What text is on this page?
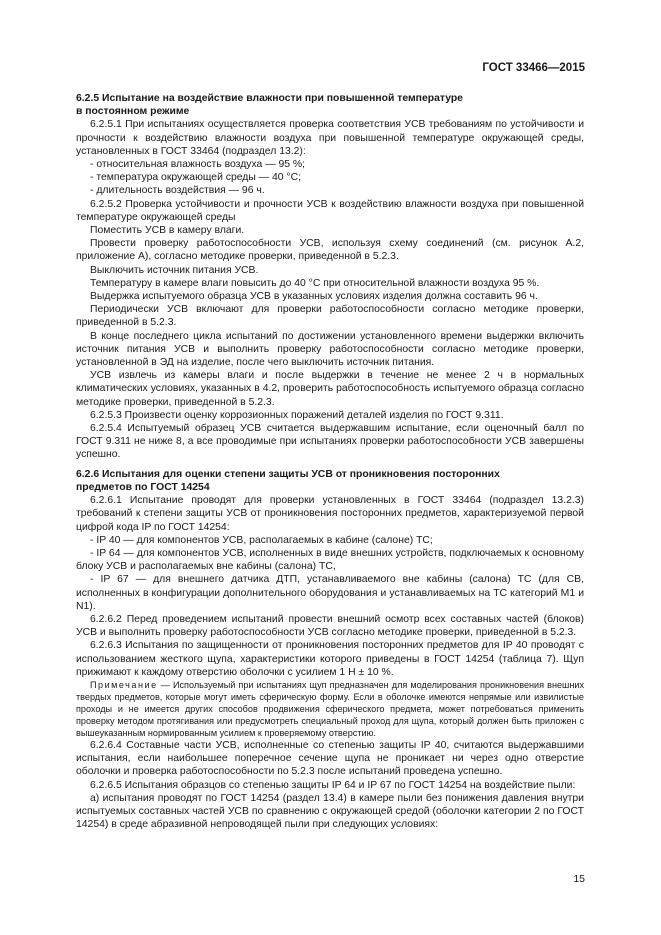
ГОСТ 33466—2015
6.2.5 Испытание на воздействие влажности при повышенной температуре
в постоянном режиме

6.2.5.1 При испытаниях осуществляется проверка соответствия УСВ требованиям по устойчивости и прочности к воздействию влажности воздуха при повышенной температуре окружающей среды, установленных в ГОСТ 33464 (подраздел 13.2):

- относительная влажность воздуха — 95 %;

- температура окружающей среды — 40 °С;

- длительность воздействия — 96 ч.

6.2.5.2 Проверка устойчивости и прочности УСВ к воздействию влажности воздуха при повышенной температуре окружающей среды

Поместить УСВ в камеру влаги.

Провести проверку работоспособности УСВ, используя схему соединений (см. рисунок А.2, приложение А), согласно методике проверки, приведенной в 5.2.3.

Выключить источник питания УСВ.

Температуру в камере влаги повысить до 40 °С при относительной влажности воздуха 95 %.

Выдержка испытуемого образца УСВ в указанных условиях изделия должна составить 96 ч.

Периодически УСВ включают для проверки работоспособности согласно методике проверки, приведенной в 5.2.3.

В конце последнего цикла испытаний по достижении установленного времени выдержки включить источник питания УСВ и выполнить проверку работоспособности согласно методике проверки, установленной в ЭД на изделие, после чего выключить источник питания.

УСВ извлечь из камеры влаги и после выдержки в течение не менее 2 ч в нормальных климатических условиях, указанных в 4.2, проверить работоспособность испытуемого образца согласно методике проверки, приведенной в 5.2.3.

6.2.5.3 Произвести оценку коррозионных поражений деталей изделия по ГОСТ 9.311.

6.2.5.4 Испытуемый образец УСВ считается выдержавшим испытание, если оценочный балл по ГОСТ 9.311 не ниже 8, а все проводимые при испытаниях проверки работоспособности УСВ завершены успешно.

6.2.6 Испытания для оценки степени защиты УСВ от проникновения посторонних
предметов по ГОСТ 14254

6.2.6.1 Испытание проводят для проверки установленных в ГОСТ 33464 (подраздел 13.2.3) требований к степени защиты УСВ от проникновения посторонних предметов, характеризуемой первой цифрой кода IP по ГОСТ 14254:

- IP 40 — для компонентов УСВ, располагаемых в кабине (салоне) ТС;

- IP 64 — для компонентов УСВ, исполненных в виде внешних устройств, подключаемых к основному блоку УСВ и располагаемых вне кабины (салона) ТС,

- IP 67 — для внешнего датчика ДТП, устанавливаемого вне кабины (салона) ТС (для СВ, исполненных в конфигурации дополнительного оборудования и устанавливаемых на ТС категорий М1 и N1).

6.2.6.2 Перед проведением испытаний провести внешний осмотр всех составных частей (блоков) УСВ и выполнить проверку работоспособности УСВ согласно методике проверки, приведенной в 5.2.3.

6.2.6.3 Испытания по защищенности от проникновения посторонних предметов для IP 40 проводят с использованием жесткого щупа, характеристики которого приведены в ГОСТ 14254 (таблица 7). Щуп прижимают к каждому отверстию оболочки с усилием 1 Н ± 10 %.

Примечание — Используемый при испытаниях щуп предназначен для моделирования проникновения внешних твердых предметов, которые могут иметь сферическую форму. Если в оболочке имеются непрямые или извилистые проходы и не имеется других способов продвижения сферического предмета, может потребоваться применить проверку методом протягивания или предусмотреть специальный проход для щупа, который должен быть приложен с вышеуказанным нормированным усилием к проверяемому отверстию.

6.2.6.4 Составные части УСВ, исполненные со степенью защиты IP 40, считаются выдержавшими испытания, если наибольшее поперечное сечение щупа не проникает ни через одно отверстие оболочки и проверка работоспособности по 5.2.3 после испытаний проведена успешно.

6.2.6.5 Испытания образцов со степенью защиты IP 64 и IP 67 по ГОСТ 14254 на воздействие пыли:

а) испытания проводят по ГОСТ 14254 (раздел 13.4) в камере пыли без понижения давления внутри испытуемых составных частей УСВ по сравнению с окружающей средой (оболочки категории 2 по ГОСТ 14254) в среде абразивной непроводящей пыли при следующих условиях:

15
